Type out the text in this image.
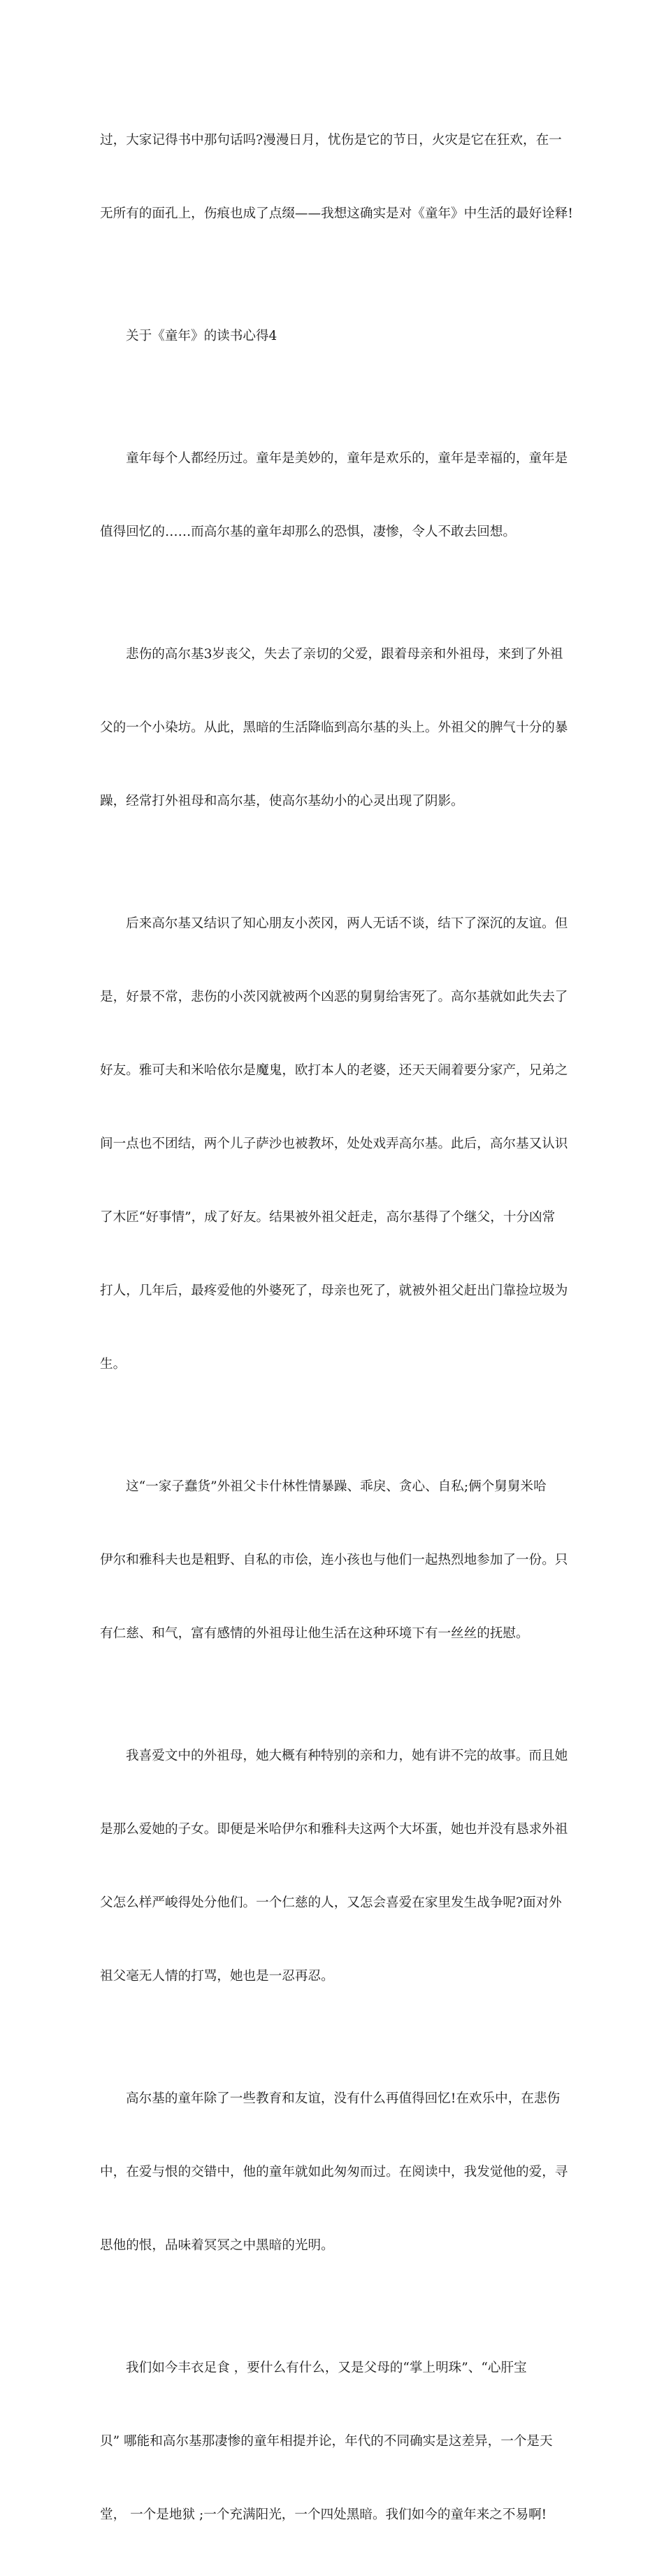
过，大家记得书中那句话吗?漫漫日月，忧伤是它的节日，火灾是它在狂欢，在一

无所有的面孔上，伤痕也成了点缀——我想这确实是对《童年》中生活的最好诠释!

关于《童年》的读书心得4

童年每个人都经历过。童年是美妙的，童年是欢乐的，童年是幸福的，童年是

值得回忆的……而高尔基的童年却那么的恐惧，凄惨，令人不敢去回想。

悲伤的高尔基3岁丧父，失去了亲切的父爱，跟着母亲和外祖母，来到了外祖

父的一个小染坊。从此，黑暗的生活降临到高尔基的头上。外祖父的脾气十分的暴

躁，经常打外祖母和高尔基，使高尔基幼小的心灵出现了阴影。

后来高尔基又结识了知心朋友小茨冈，两人无话不谈，结下了深沉的友谊。但

是，好景不常，悲伤的小茨冈就被两个凶恶的舅舅给害死了。高尔基就如此失去了

好友。雅可夫和米哈依尔是魔鬼，欧打本人的老婆，还天天闹着要分家产，兄弟之

间一点也不团结，两个儿子萨沙也被教坏，处处戏弄高尔基。此后，高尔基又认识

了木匠“好事情”，成了好友。结果被外祖父赶走，高尔基得了个继父，十分凶常

打人，几年后，最疼爱他的外婆死了，母亲也死了，就被外祖父赶出门靠捡垃圾为

生。

这“一家子蠢货”外祖父卡什林性情暴躁、乖戾、贪心、自私;俩个舅舅米哈

伊尔和雅科夫也是粗野、自私的市侩，连小孩也与他们一起热烈地参加了一份。只

有仁慈、和气，富有感情的外祖母让他生活在这种环境下有一丝丝的抚慰。

我喜爱文中的外祖母，她大概有种特别的亲和力，她有讲不完的故事。而且她

是那么爱她的子女。即便是米哈伊尔和雅科夫这两个大坏蛋，她也并没有恳求外祖

父怎么样严峻得处分他们。一个仁慈的人，又怎会喜爱在家里发生战争呢?面对外

祖父毫无人情的打骂，她也是一忍再忍。

高尔基的童年除了一些教育和友谊，没有什么再值得回忆!在欢乐中，在悲伤

中，在爱与恨的交错中，他的童年就如此匆匆而过。在阅读中，我发觉他的爱，寻

思他的恨，品味着冥冥之中黑暗的光明。

我们如今丰衣足食 ，要什么有什么，又是父母的“掌上明珠”、“心肝宝

贝” 哪能和高尔基那凄惨的童年相提并论，年代的不同确实是这差异，一个是天

堂， 一个是地狱 ;一个充满阳光，一个四处黑暗。我们如今的童年来之不易啊!
